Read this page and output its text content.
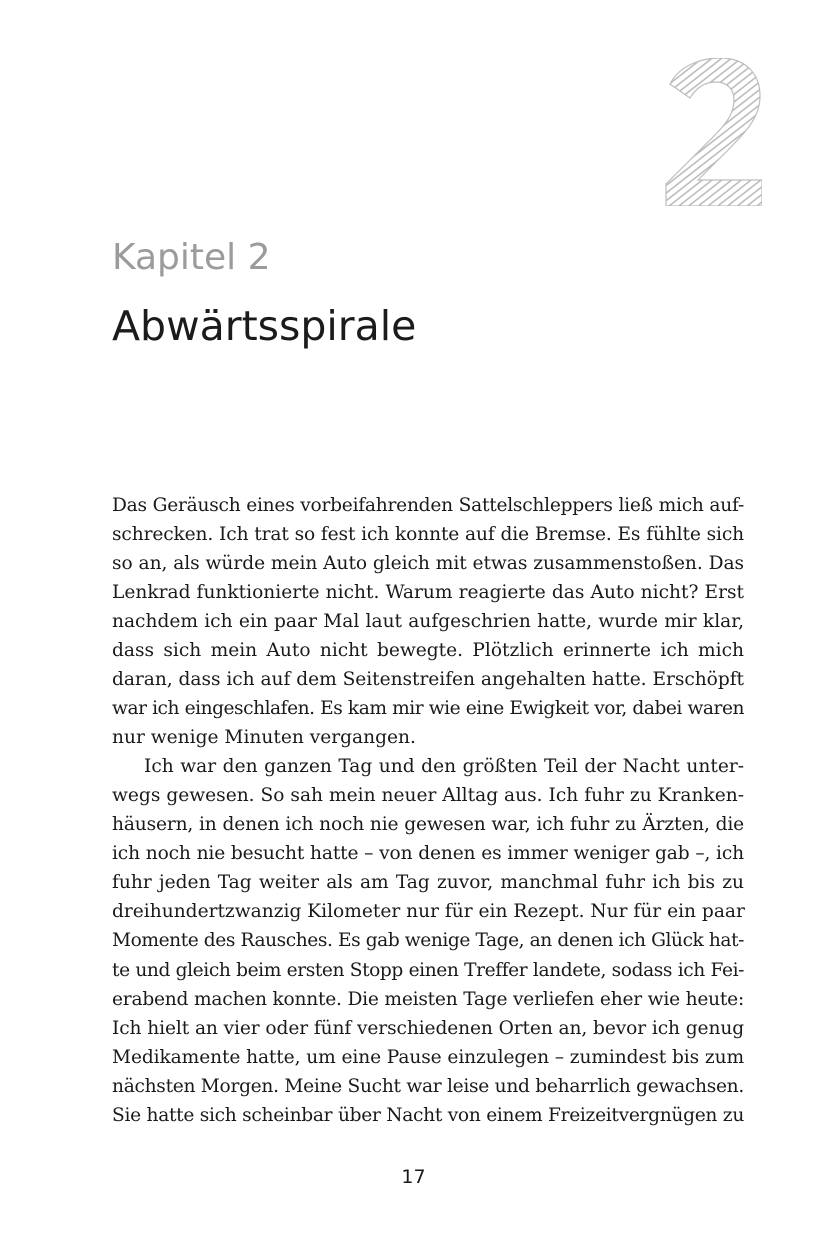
Kapitel 2
Abwärtsspirale
Das Geräusch eines vorbeifahrenden Sattelschleppers ließ mich auf-
schrecken. Ich trat so fest ich konnte auf die Bremse. Es fühlte sich
so an, als würde mein Auto gleich mit etwas zusammenstoßen. Das
Lenkrad funktionierte nicht. Warum reagierte das Auto nicht? Erst
nachdem ich ein paar Mal laut aufgeschrien hatte, wurde mir klar,
dass sich mein Auto nicht bewegte. Plötzlich erinnerte ich mich
daran, dass ich auf dem Seitenstreifen angehalten hatte. Erschöpft
war ich eingeschlafen. Es kam mir wie eine Ewigkeit vor, dabei waren
nur wenige Minuten vergangen.
Ich war den ganzen Tag und den größten Teil der Nacht unter-
wegs gewesen. So sah mein neuer Alltag aus. Ich fuhr zu Kranken-
häusern, in denen ich noch nie gewesen war, ich fuhr zu Ärzten, die
ich noch nie besucht hatte – von denen es immer weniger gab –, ich
fuhr jeden Tag weiter als am Tag zuvor, manchmal fuhr ich bis zu
dreihundertzwanzig Kilometer nur für ein Rezept. Nur für ein paar
Momente des Rausches. Es gab wenige Tage, an denen ich Glück hat-
te und gleich beim ersten Stopp einen Treffer landete, sodass ich Fei-
erabend machen konnte. Die meisten Tage verliefen eher wie heute:
Ich hielt an vier oder fünf verschiedenen Orten an, bevor ich genug
Medikamente hatte, um eine Pause einzulegen – zumindest bis zum
nächsten Morgen. Meine Sucht war leise und beharrlich gewachsen.
Sie hatte sich scheinbar über Nacht von einem Freizeitvergnügen zu
17
